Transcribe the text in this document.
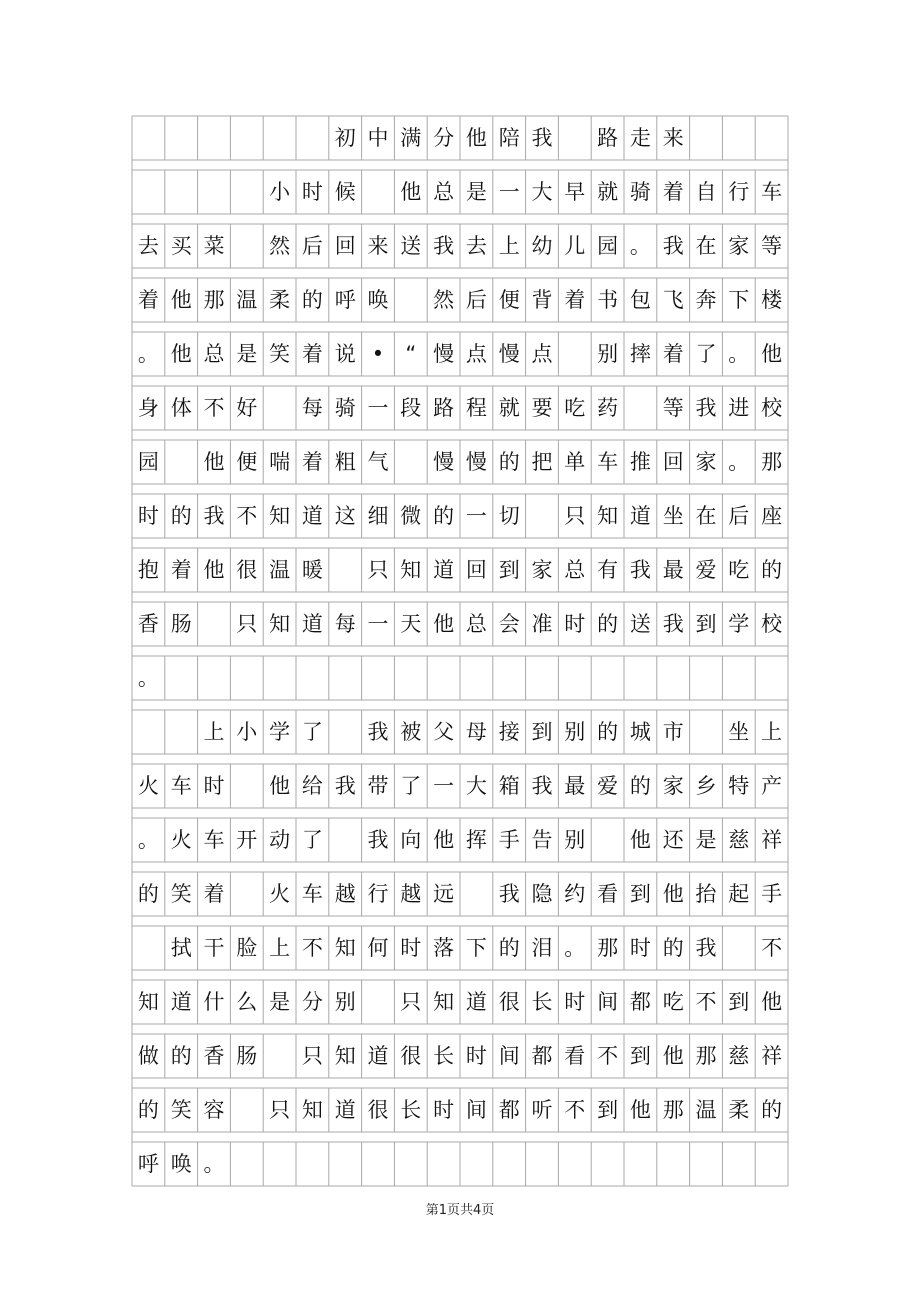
初 中 满 分 他 陪 我 路 走 来
小 时 候 他 总 是 一 大 早 就 骑 着 自 行 车
去 买 菜 然 后 回 来 送 我 去 上 幼 儿 园 。 我 在 家 等
着 他 那 温 柔 的 呼 唤 然 后 便 背 着 书 包 飞 奔 下 楼
。 他 总 是 笑 着 说 •	“ 慢 点 慢 点 别 摔 着 了 。 他
身 体 不 好 每 骑 一 段 路 程 就 要 吃 药 等 我 进 校
园 他 便 喘 着 粗 气 慢 慢 的 把 单 车 推 回 家 。 那
时 的 我 不 知 道 这 细 微 的 一 切 只 知 道 坐 在 后 座
抱 着 他 很 温 暖 只 知 道 回 到 家 总 有 我 最 爱 吃 的
香 肠 只 知 道 每 一 天 他 总 会 准 时 的 送 我 到 学 校
。
上 小 学 了 我 被 父 母 接 到 别 的 城 市 坐 上
火 车 时 他 给 我 带 了 一 大 箱 我 最 爱 的 家 乡 特 产
。 火 车 开 动 了 我 向 他 挥 手 告 别 他 还 是 慈 祥
的 笑 着 火 车 越 行 越 远 我 隐 约 看 到 他 抬 起 手
拭 干 脸 上 不 知 何 时 落 下 的 泪 。 那 时 的 我 不
知 道 什 么 是 分 别 只 知 道 很 长 时 间 都 吃 不 到 他
做 的 香 肠 只 知 道 很 长 时 间 都 看 不 到 他 那 慈 祥
的 笑 容 只 知 道 很 长 时 间 都 听 不 到 他 那 温 柔 的
呼 唤 。
第1页共4页
